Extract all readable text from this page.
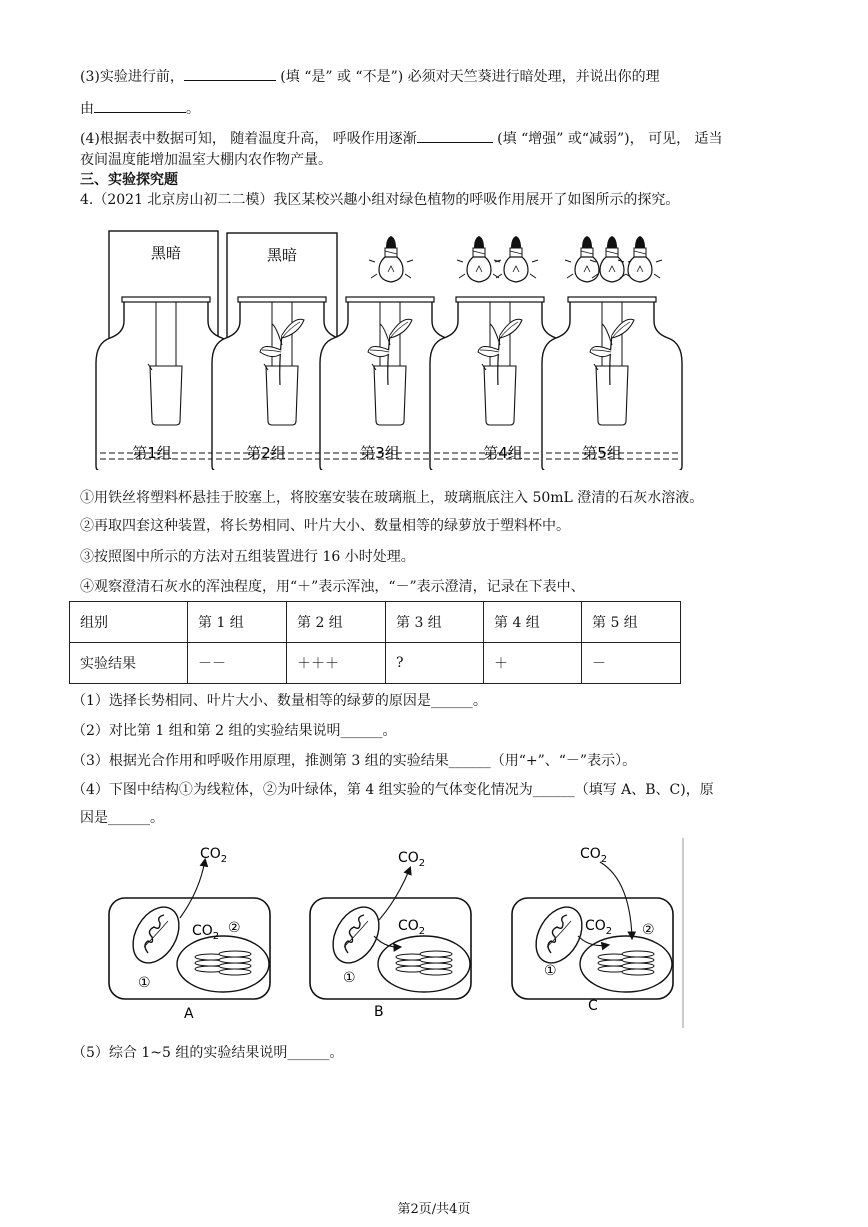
(3)实验进行前，	(填 “是” 或 “不是”) 必须对天竺葵进行暗处理，并说出你的理
由	。
(4)根据表中数据可知， 随着温度升高， 呼吸作用逐渐	(填 “增强” 或“减弱”)， 可见， 适当
夜间温度能增加温室大棚内农作物产量。
三、实验探究题
4.（2021 北京房山初二二模）我区某校兴趣小组对绿色植物的呼吸作用展开了如图所示的探究。
黑暗
第1组
黑暗
第2组	第3组	第4组	第5组
①用铁丝将塑料杯悬挂于胶塞上，将胶塞安装在玻璃瓶上，玻璃瓶底注入 50mL 澄清的石灰水溶液。
②再取四套这种装置，将长势相同、叶片大小、数量相等的绿萝放于塑料杯中。
③按照图中所示的方法对五组装置进行 16 小时处理。
④观察澄清石灰水的浑浊程度，用“＋”表示浑浊，“－”表示澄清，记录在下表中、
组别	第 1 组	第 2 组	第 3 组	第 4 组	第 5 组
实验结果	－－	＋＋＋	?	＋	－
（1）选择长势相同、叶片大小、数量相等的绿萝的原因是______。
（2）对比第 1 组和第 2 组的实验结果说明______。
（3）根据光合作用和呼吸作用原理，推测第 3 组的实验结果______（用“+”、“－”表示）。
（4）下图中结构①为线粒体，②为叶绿体，第 4 组实验的气体变化情况为______（填写 A、B、C)，原
因是______。
$CO_2$
$CO_2$
②
①
A
$CO_2$
$CO_2$
①
B
$CO_2$
$CO_2$ ②
①
C
（5）综合 1~5 组的实验结果说明______。
第2页/共4页
